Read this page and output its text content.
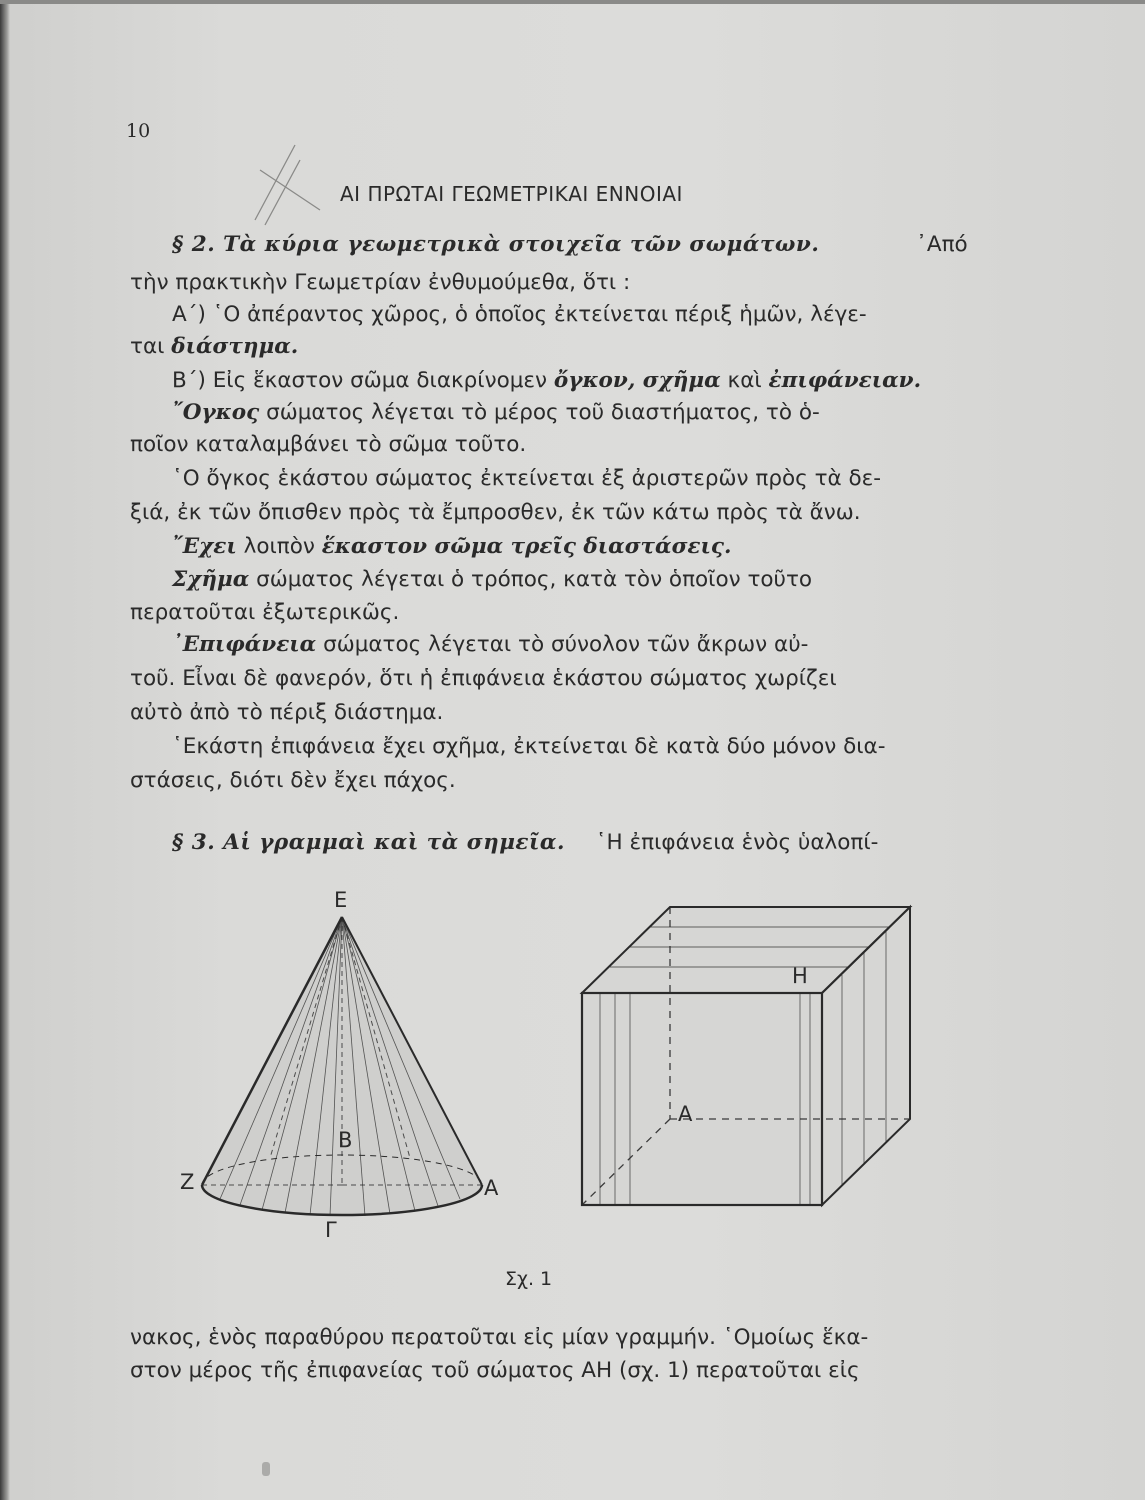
10
ΑΙ ΠΡΩΤΑΙ ΓΕΩΜΕΤΡΙΚΑΙ ΕΝΝΟΙΑΙ
§ 2. Τὰ κύρια γεωμετρικὰ στοιχεῖα τῶν σωμάτων.	᾿Από
τὴν πρακτικὴν Γεωμετρίαν ἐνθυμούμεθα, ὅτι :
Α΄) ῾Ο ἀπέραντος χῶρος, ὁ ὁποῖος ἐκτείνεται πέριξ ἡμῶν, λέγε-
ται διάστημα.
Β΄) Εἰς ἕκαστον σῶμα διακρίνομεν ὄγκον, σχῆμα καὶ ἐπιφάνειαν.
῎Ογκος σώματος λέγεται τὸ μέρος τοῦ διαστήματος, τὸ ὁ-
ποῖον καταλαμβάνει τὸ σῶμα τοῦτο.
῾Ο ὄγκος ἑκάστου σώματος ἐκτείνεται ἐξ ἀριστερῶν πρὸς τὰ δε-
ξιά, ἐκ τῶν ὄπισθεν πρὸς τὰ ἔμπροσθεν, ἐκ τῶν κάτω πρὸς τὰ ἄνω.
῎Εχει λοιπὸν ἕκαστον σῶμα τρεῖς διαστάσεις.
Σχῆμα σώματος λέγεται ὁ τρόπος, κατὰ τὸν ὁποῖον τοῦτο
περατοῦται ἐξωτερικῶς.
᾿Επιφάνεια σώματος λέγεται τὸ σύνολον τῶν ἄκρων αὐ-
τοῦ. Εἶναι δὲ φανερόν, ὅτι ἡ ἐπιφάνεια ἑκάστου σώματος χωρίζει
αὐτὸ ἀπὸ τὸ πέριξ διάστημα.
῾Εκάστη ἐπιφάνεια ἔχει σχῆμα, ἐκτείνεται δὲ κατὰ δύο μόνον δια-
στάσεις, διότι δὲν ἔχει πάχος.
§ 3. Αἱ γραμμαὶ καὶ τὰ σημεῖα. ῾Η ἐπιφάνεια ἑνὸς ὑαλοπί-
Ε
Ζ	Α
Β
Γ
Η
Α
Σχ. 1
νακος, ἑνὸς παραθύρου περατοῦται εἰς μίαν γραμμήν. ῾Ομοίως ἕκα-
στον μέρος τῆς ἐπιφανείας τοῦ σώματος ΑΗ (σχ. 1) περατοῦται εἰς
